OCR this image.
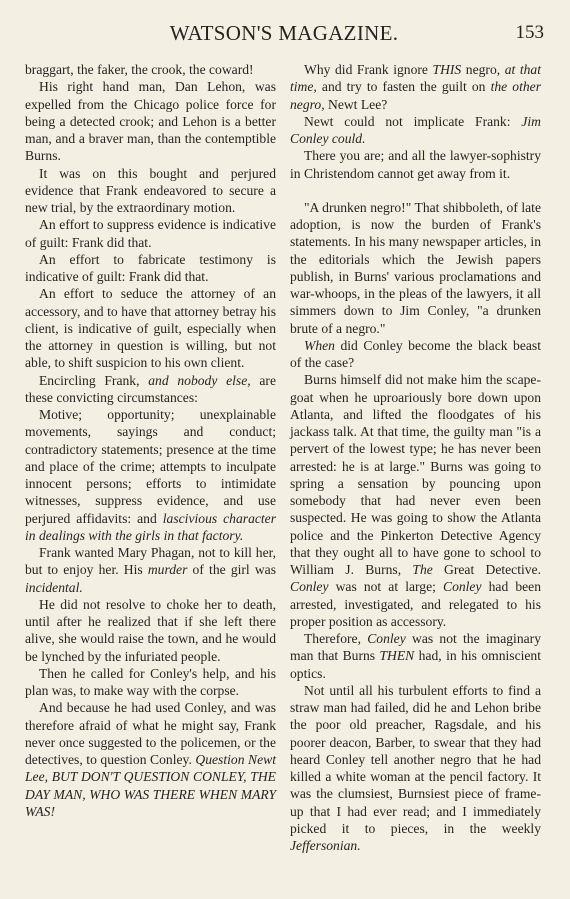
WATSON'S MAGAZINE.	153

braggart, the faker, the crook, the coward!

His right hand man, Dan Lehon, was expelled from the Chicago police force for being a detected crook; and Lehon is a better man, and a braver man, than the contemptible Burns.

It was on this bought and perjured evidence that Frank endeavored to secure a new trial, by the extraordinary motion.

An effort to suppress evidence is indicative of guilt: Frank did that.

An effort to fabricate testimony is indicative of guilt: Frank did that.

An effort to seduce the attorney of an accessory, and to have that attorney betray his client, is indicative of guilt, especially when the attorney in question is willing, but not able, to shift suspicion to his own client.

Encircling Frank, and nobody else, are these convicting circumstances:

Motive; opportunity; unexplainable movements, sayings and conduct; contradictory statements; presence at the time and place of the crime; attempts to inculpate innocent persons; efforts to intimidate witnesses, suppress evidence, and use perjured affidavits: and lascivious character in dealings with the girls in that factory.

Frank wanted Mary Phagan, not to kill her, but to enjoy her. His murder of the girl was incidental.

He did not resolve to choke her to death, until after he realized that if she left there alive, she would raise the town, and he would be lynched by the infuriated people.

Then he called for Conley's help, and his plan was, to make way with the corpse.

And because he had used Conley, and was therefore afraid of what he might say, Frank never once suggested to the policemen, or the detectives, to question Conley. Question Newt Lee, BUT DON'T QUESTION CONLEY, THE DAY MAN, WHO WAS THERE WHEN MARY WAS!

Why did Frank ignore THIS negro, at that time, and try to fasten the guilt on the other negro, Newt Lee?

Newt could not implicate Frank: Jim Conley could.

There you are; and all the lawyer-sophistry in Christendom cannot get away from it.

"A drunken negro!" That shibboleth, of late adoption, is now the burden of Frank's statements. In his many newspaper articles, in the editorials which the Jewish papers publish, in Burns' various proclamations and war-whoops, in the pleas of the lawyers, it all simmers down to Jim Conley, "a drunken brute of a negro."

When did Conley become the black beast of the case?

Burns himself did not make him the scape-goat when he uproariously bore down upon Atlanta, and lifted the floodgates of his jackass talk. At that time, the guilty man "is a pervert of the lowest type; he has never been arrested: he is at large." Burns was going to spring a sensation by pouncing upon somebody that had never even been suspected. He was going to show the Atlanta police and the Pinkerton Detective Agency that they ought all to have gone to school to William J. Burns, The Great Detective. Conley was not at large; Conley had been arrested, investigated, and relegated to his proper position as accessory.

Therefore, Conley was not the imaginary man that Burns THEN had, in his omniscient optics.

Not until all his turbulent efforts to find a straw man had failed, did he and Lehon bribe the poor old preacher, Ragsdale, and his poorer deacon, Barber, to swear that they had heard Conley tell another negro that he had killed a white woman at the pencil factory. It was the clumsiest, Burnsiest piece of frame-up that I had ever read; and I immediately picked it to pieces, in the weekly Jeffersonian.
